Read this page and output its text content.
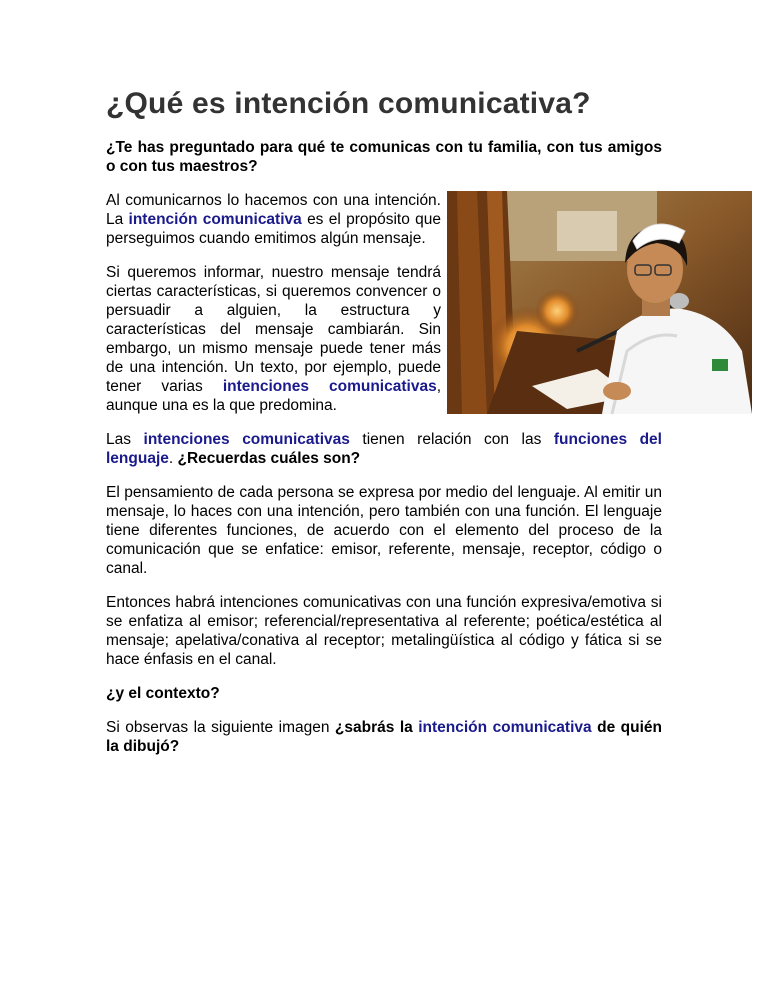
¿Qué es intención comunicativa?

¿Te has preguntado para qué te comunicas con tu familia, con tus amigos o con tus maestros?

Al comunicarnos lo hacemos con una intención. La intención comunicativa es el propósito que perseguimos cuando emitimos algún mensaje.

Si queremos informar, nuestro mensaje tendrá ciertas características, si queremos convencer o persuadir a alguien, la estructura y características del mensaje cambiarán. Sin embargo, un mismo mensaje puede tener más de una intención. Un texto, por ejemplo, puede tener varias intenciones comunicativas, aunque una es la que predomina.

Las intenciones comunicativas tienen relación con las funciones del lenguaje. ¿Recuerdas cuáles son?

El pensamiento de cada persona se expresa por medio del lenguaje. Al emitir un mensaje, lo haces con una intención, pero también con una función. El lenguaje tiene diferentes funciones, de acuerdo con el elemento del proceso de la comunicación que se enfatice: emisor, referente, mensaje, receptor, código o canal.

Entonces habrá intenciones comunicativas con una función expresiva/emotiva si se enfatiza al emisor; referencial/representativa al referente; poética/estética al mensaje; apelativa/conativa al receptor; metalingüística al código y fática si se hace énfasis en el canal.

¿y el contexto?

Si observas la siguiente imagen ¿sabrás la intención comunicativa de quién la dibujó?
